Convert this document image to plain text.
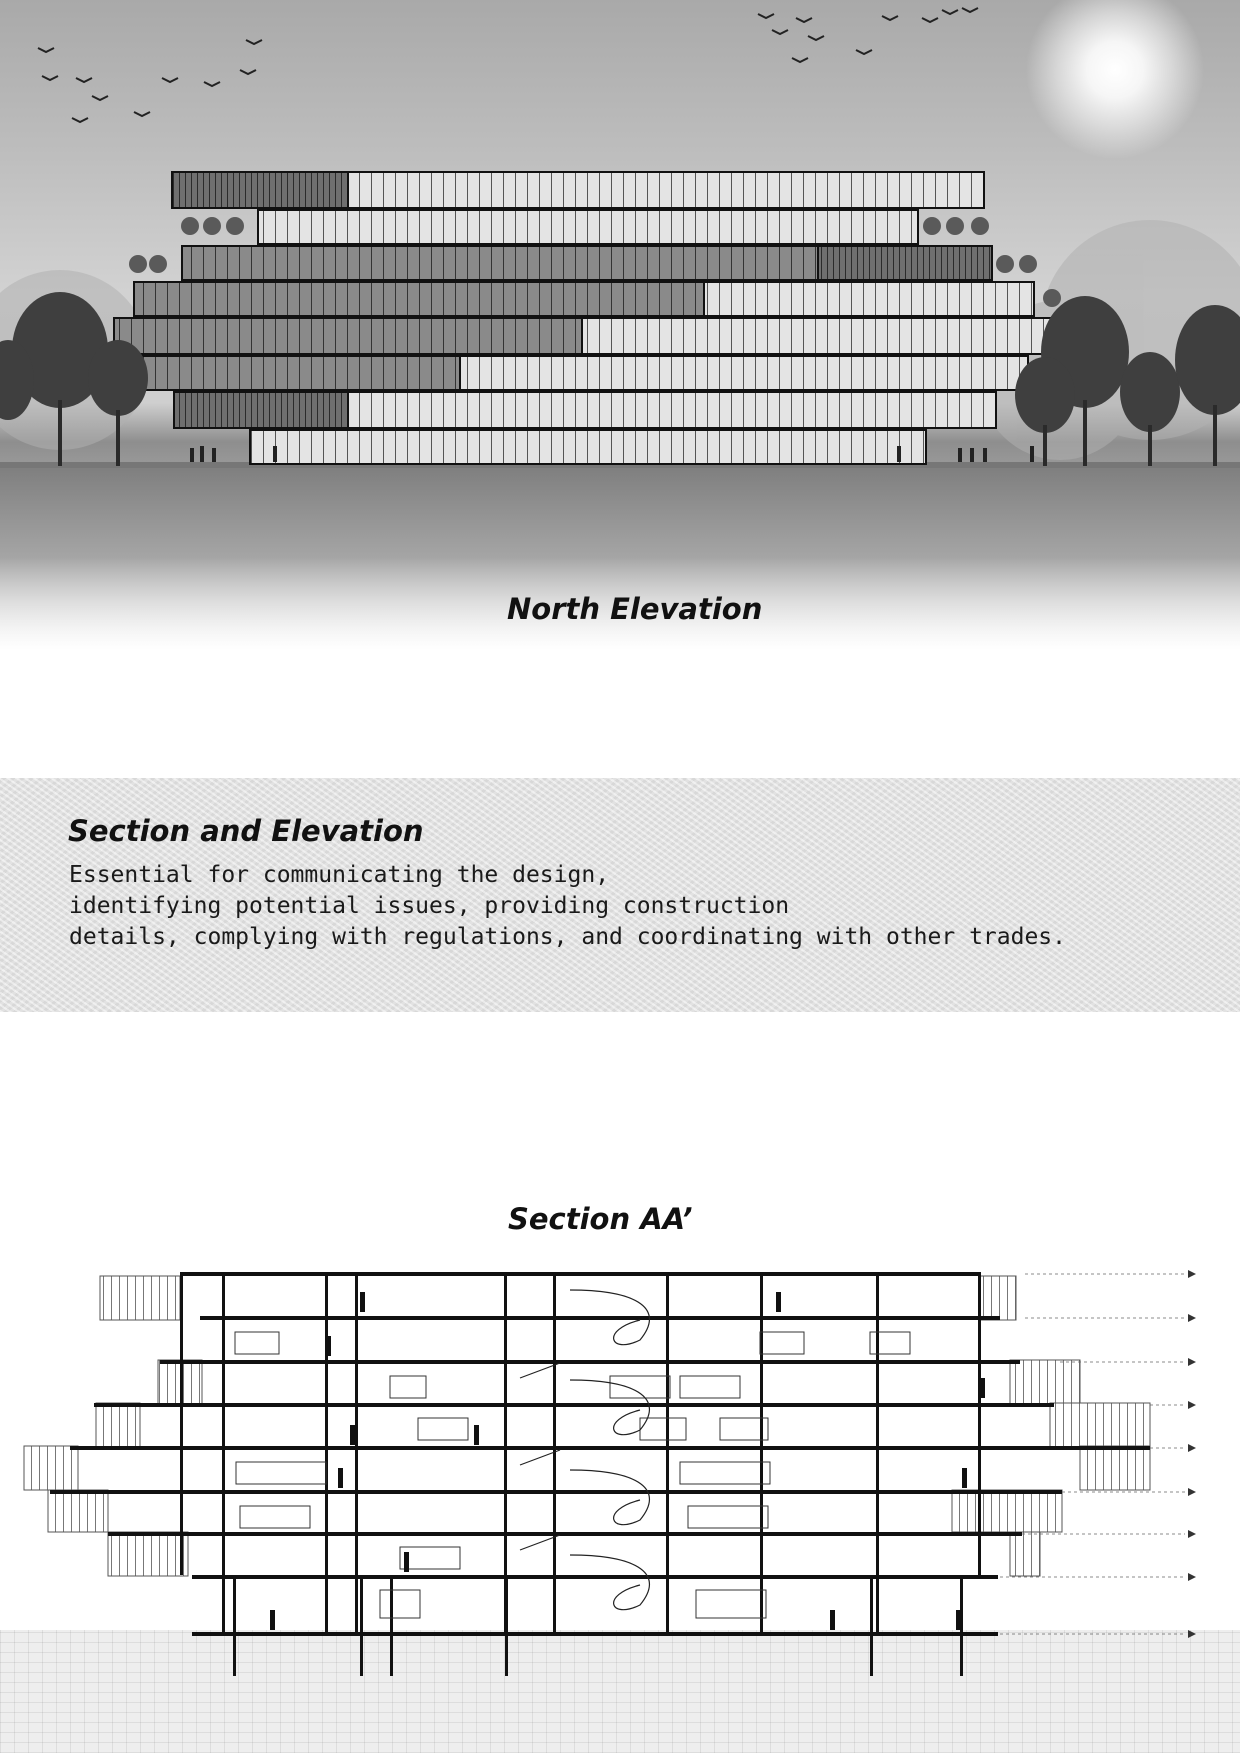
North Elevation
Section and Elevation

Essential for communicating the design,
identifying potential issues, providing construction
details, complying with regulations, and coordinating with other trades.

Section AA’
